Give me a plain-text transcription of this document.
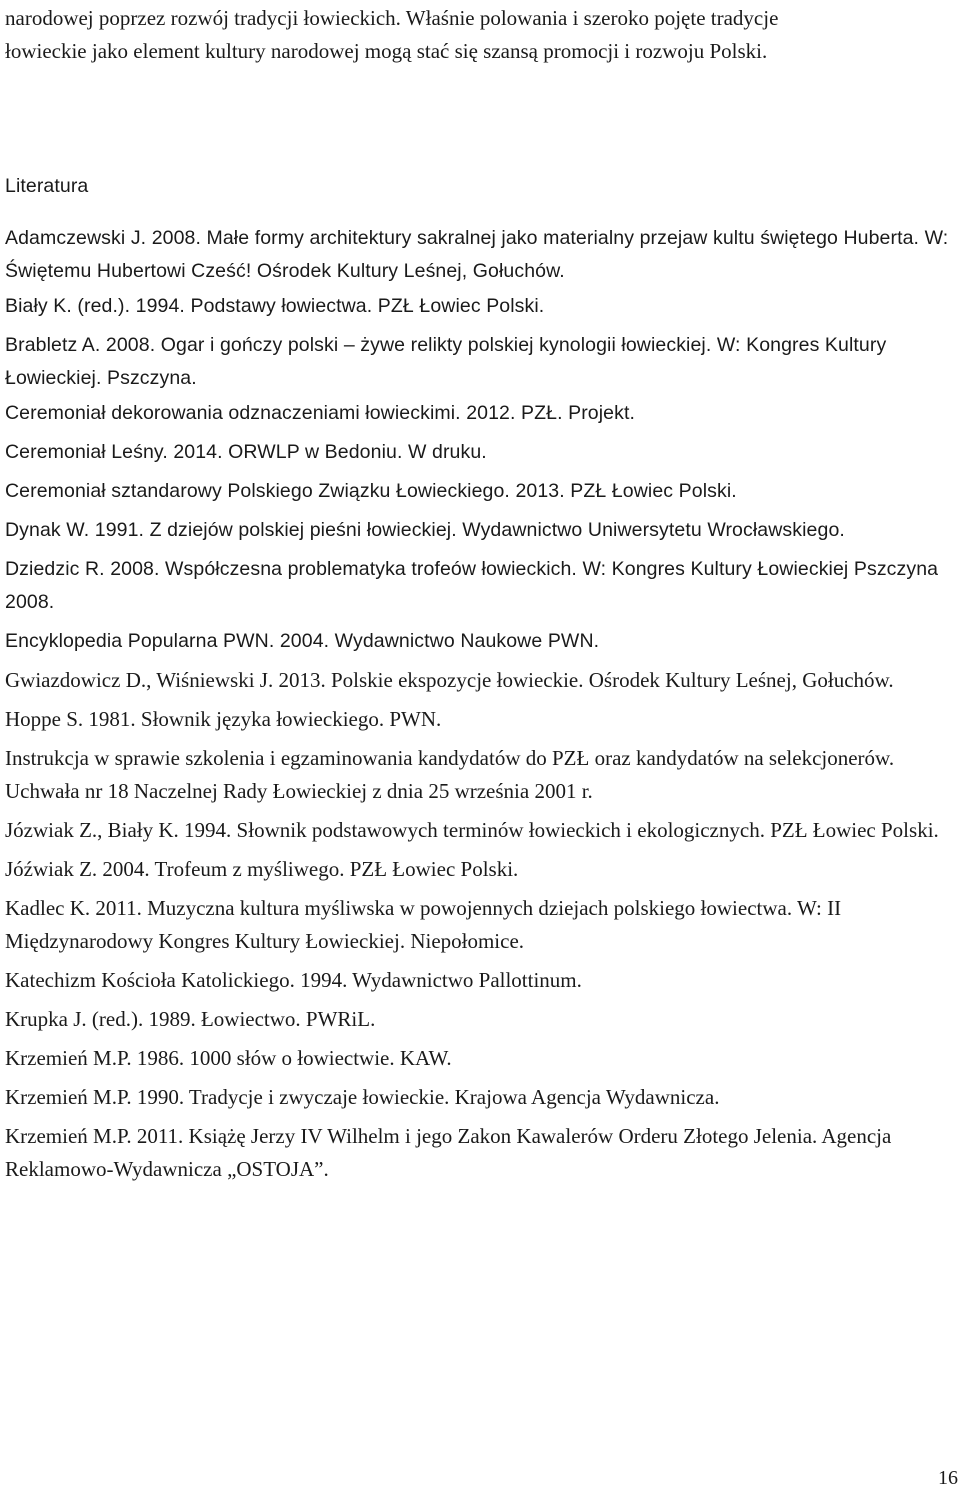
narodowej poprzez rozwój tradycji łowieckich. Właśnie polowania i szeroko pojęte tradycje
łowieckie jako element kultury narodowej mogą stać się szansą promocji i rozwoju Polski.

Literatura
Adamczewski J. 2008. Małe formy architektury sakralnej jako materialny przejaw kultu świętego Huberta. W: Świętemu Hubertowi Cześć! Ośrodek Kultury Leśnej, Gołuchów.
Biały K. (red.). 1994. Podstawy łowiectwa. PZŁ Łowiec Polski.
Brabletz A. 2008. Ogar i gończy polski – żywe relikty polskiej kynologii łowieckiej. W: Kongres Kultury Łowieckiej. Pszczyna.
Ceremoniał dekorowania odznaczeniami łowieckimi. 2012. PZŁ. Projekt.
Ceremoniał Leśny. 2014. ORWLP w Bedoniu. W druku.
Ceremoniał sztandarowy Polskiego Związku Łowieckiego. 2013. PZŁ Łowiec Polski.
Dynak W. 1991. Z dziejów polskiej pieśni łowieckiej. Wydawnictwo Uniwersytetu Wrocławskiego.
Dziedzic R. 2008. Współczesna problematyka trofeów łowieckich. W: Kongres Kultury Łowieckiej Pszczyna 2008.
Encyklopedia Popularna PWN. 2004. Wydawnictwo Naukowe PWN.
Gwiazdowicz D., Wiśniewski J. 2013. Polskie ekspozycje łowieckie. Ośrodek Kultury Leśnej, Gołuchów.
Hoppe S. 1981. Słownik języka łowieckiego. PWN.
Instrukcja w sprawie szkolenia i egzaminowania kandydatów do PZŁ oraz kandydatów na selekcjonerów. Uchwała nr 18 Naczelnej Rady Łowieckiej z dnia 25 września 2001 r.
Józwiak Z., Biały K. 1994. Słownik podstawowych terminów łowieckich i ekologicznych. PZŁ Łowiec Polski.
Jóźwiak Z. 2004. Trofeum z myśliwego. PZŁ Łowiec Polski.
Kadlec K. 2011. Muzyczna kultura myśliwska w powojennych dziejach polskiego łowiectwa. W: II Międzynarodowy Kongres Kultury Łowieckiej. Niepołomice.
Katechizm Kościoła Katolickiego. 1994. Wydawnictwo Pallottinum.
Krupka J. (red.). 1989. Łowiectwo. PWRiL.
Krzemień M.P. 1986. 1000 słów o łowiectwie. KAW.
Krzemień M.P. 1990. Tradycje i zwyczaje łowieckie. Krajowa Agencja Wydawnicza.
Krzemień M.P. 2011. Książę Jerzy IV Wilhelm i jego Zakon Kawalerów Orderu Złotego Jelenia. Agencja Reklamowo-Wydawnicza „OSTOJA”.
16
